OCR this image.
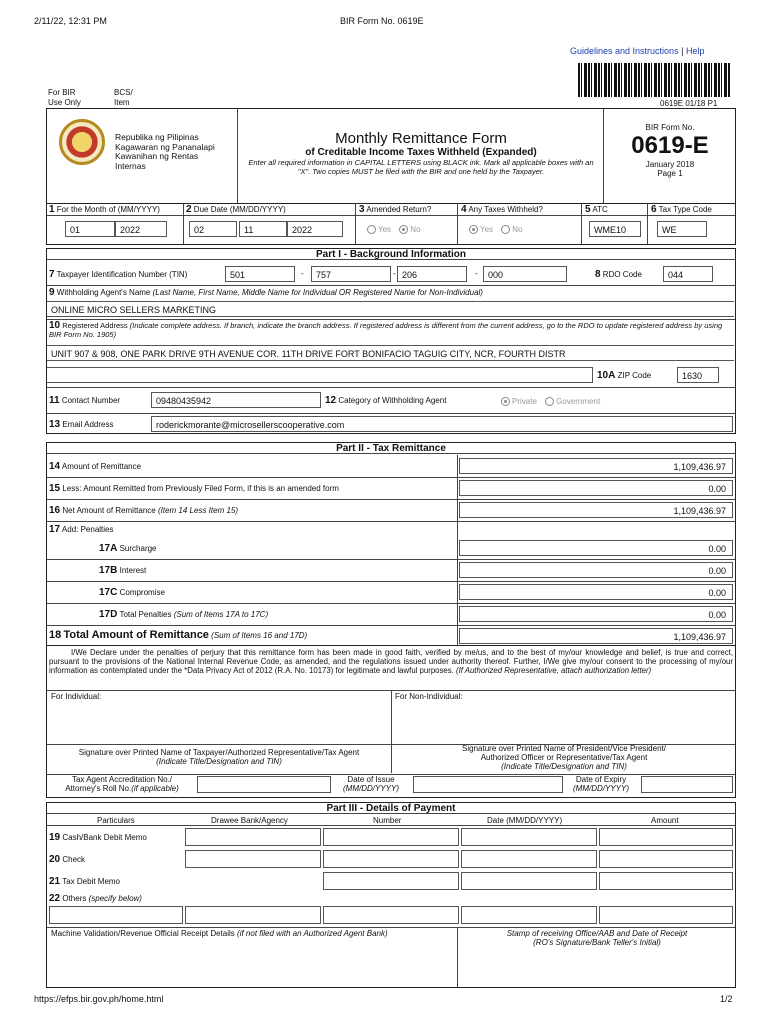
2/11/22, 12:31 PM	BIR Form No. 0619E
Guidelines and Instructions | Help
For BIR
Use Only
BCS/
Item	0619E 01/18 P1
Republika ng Pilipinas
Kagawaran ng Pananalapi
Kawanihan ng Rentas
Internas
Monthly Remittance Form
of Creditable Income Taxes Withheld (Expanded)
Enter all required information in CAPITAL LETTERS using BLACK ink. Mark all applicable boxes with an "X". Two copies MUST be filed with the BIR and one held by the Taxpayer.
BIR Form No.
0619-E
January 2018
Page 1
1 For the Month of (MM/YYYY)
01	2022
2 Due Date (MM/DD/YYYY)
02	11	2022
3 Amended Return?
Yes No
4 Any Taxes Withheld?
Yes No
5 ATC
WME10
6 Tax Type Code
WE
Part I - Background Information
7 Taxpayer Identification Number (TIN)	501	-	757	- 206	-	000	8 RDO Code	044
9 Withholding Agent's Name (Last Name, First Name, Middle Name for Individual OR Registered Name for Non-Individual)
ONLINE MICRO SELLERS MARKETING
10 Registered Address (Indicate complete address. If branch, indicate the branch address. If registered address is different from the current address, go to the RDO to update registered address by using BIR Form No. 1905)
UNIT 907 & 908, ONE PARK DRIVE 9TH AVENUE COR. 11TH DRIVE FORT BONIFACIO TAGUIG CITY, NCR, FOURTH DISTR
10A ZIP Code	1630
11 Contact Number	09480435942	12 Category of Withholding Agent	Private Government
13 Email Address	roderickmorante@microsellerscooperative.com
Part II - Tax Remittance
14 Amount of Remittance	1,109,436.97
15 Less: Amount Remitted from Previously Filed Form, if this is an amended form	0.00
16 Net Amount of Remittance (Item 14 Less Item 15)	1,109,436.97
17 Add: Penalties
17A Surcharge	0.00
17B Interest	0.00
17C Compromise	0.00
17D Total Penalties (Sum of Items 17A to 17C)	0.00
18 Total Amount of Remittance (Sum of Items 16 and 17D)	1,109,436.97
I/We Declare under the penalties of perjury that this remittance form has been made in good faith, verified by me/us, and to the best of my/our knowledge and belief, is true and correct, pursuant to the provisions of the National Internal Revenue Code, as amended, and the regulations issued under authority thereof. Further, I/We give my/our consent to the processing of my/our information as contemplated under the *Data Privacy Act of 2012 (R.A. No. 10173) for legitimate and lawful purposes. (If Authorized Representative, attach authorization letter)
For Individual:	For Non-Individual:
Signature over Printed Name of Taxpayer/Authorized Representative/Tax Agent
(Indicate Title/Designation and TIN)
Signature over Printed Name of President/Vice President/
Authorized Officer or Representative/Tax Agent
(Indicate Title/Designation and TIN)
Tax Agent Accreditation No./
Attorney's Roll No.(if applicable)
Date of Issue
(MM/DD/YYYY)
Date of Expiry
(MM/DD/YYYY)
Part III - Details of Payment
Particulars	Drawee Bank/Agency	Number	Date (MM/DD/YYYY)	Amount
19 Cash/Bank Debit Memo
20 Check
21 Tax Debit Memo
22 Others (specify below)
Machine Validation/Revenue Official Receipt Details (if not filed with an Authorized Agent Bank)	Stamp of receiving Office/AAB and Date of Receipt
(RO's Signature/Bank Teller's Initial)
https://efps.bir.gov.ph/home.html	1/2
